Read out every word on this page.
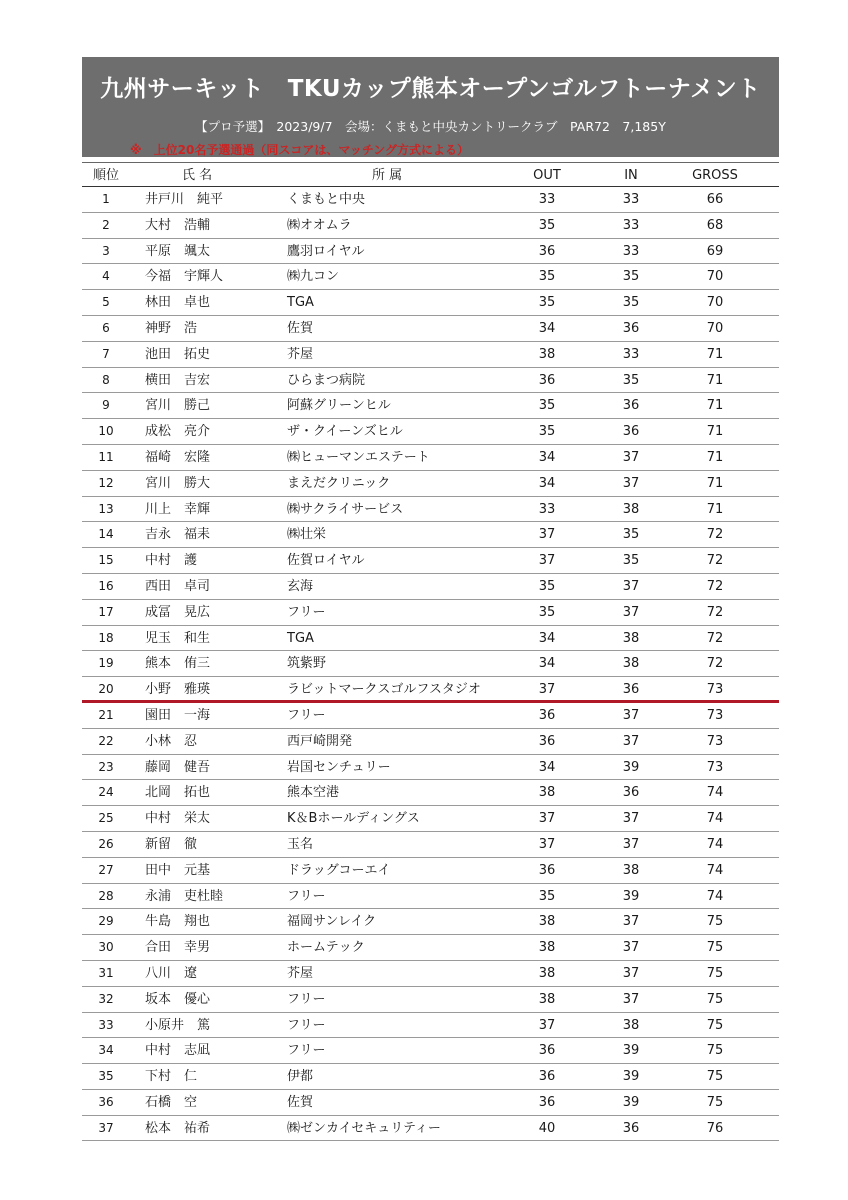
九州サーキット　TKUカップ熊本オープンゴルフトーナメント
【プロ予選】　2023/9/7　会場：くまもと中央カントリークラブ　PAR72　7,185Y
※　上位20名予選通過（同スコアは、マッチング方式による）
順位	氏 名	所 属	OUT	IN	GROSS
1	井戸川　純平	くまもと中央	33	33	66
2	大村　浩輔	㈱オオムラ	35	33	68
3	平原　颯太	鷹羽ロイヤル	36	33	69
4	今福　宇輝人	㈱九コン	35	35	70
5	林田　卓也	TGA	35	35	70
6	神野　浩	佐賀	34	36	70
7	池田　拓史	芥屋	38	33	71
8	横田　吉宏	ひらまつ病院	36	35	71
9	宮川　勝己	阿蘇グリーンヒル	35	36	71
10	成松　亮介	ザ・クイーンズヒル	35	36	71
11	福崎　宏隆	㈱ヒューマンエステート	34	37	71
12	宮川　勝大	まえだクリニック	34	37	71
13	川上　幸輝	㈱サクライサービス	33	38	71
14	吉永　福耒	㈱壮栄	37	35	72
15	中村　護	佐賀ロイヤル	37	35	72
16	西田　卓司	玄海	35	37	72
17	成冨　晃広	フリー	35	37	72
18	児玉　和生	TGA	34	38	72
19	熊本　侑三	筑紫野	34	38	72
20	小野　雅瑛	ラビットマークスゴルフスタジオ	37	36	73
21	園田　一海	フリー	36	37	73
22	小林　忍	西戸崎開発	36	37	73
23	藤岡　健吾	岩国センチュリー	34	39	73
24	北岡　拓也	熊本空港	38	36	74
25	中村　栄太	K＆Bホールディングス	37	37	74
26	新留　徹	玉名	37	37	74
27	田中　元基	ドラッグコーエイ	36	38	74
28	永浦　吏杜睦	フリー	35	39	74
29	牛島　翔也	福岡サンレイク	38	37	75
30	合田　幸男	ホームテック	38	37	75
31	八川　遼	芥屋	38	37	75
32	坂本　優心	フリー	38	37	75
33	小原井　篤	フリー	37	38	75
34	中村　志凪	フリー	36	39	75
35	下村　仁	伊都	36	39	75
36	石橋　空	佐賀	36	39	75
37	松本　祐希	㈱ゼンカイセキュリティー	40	36	76
